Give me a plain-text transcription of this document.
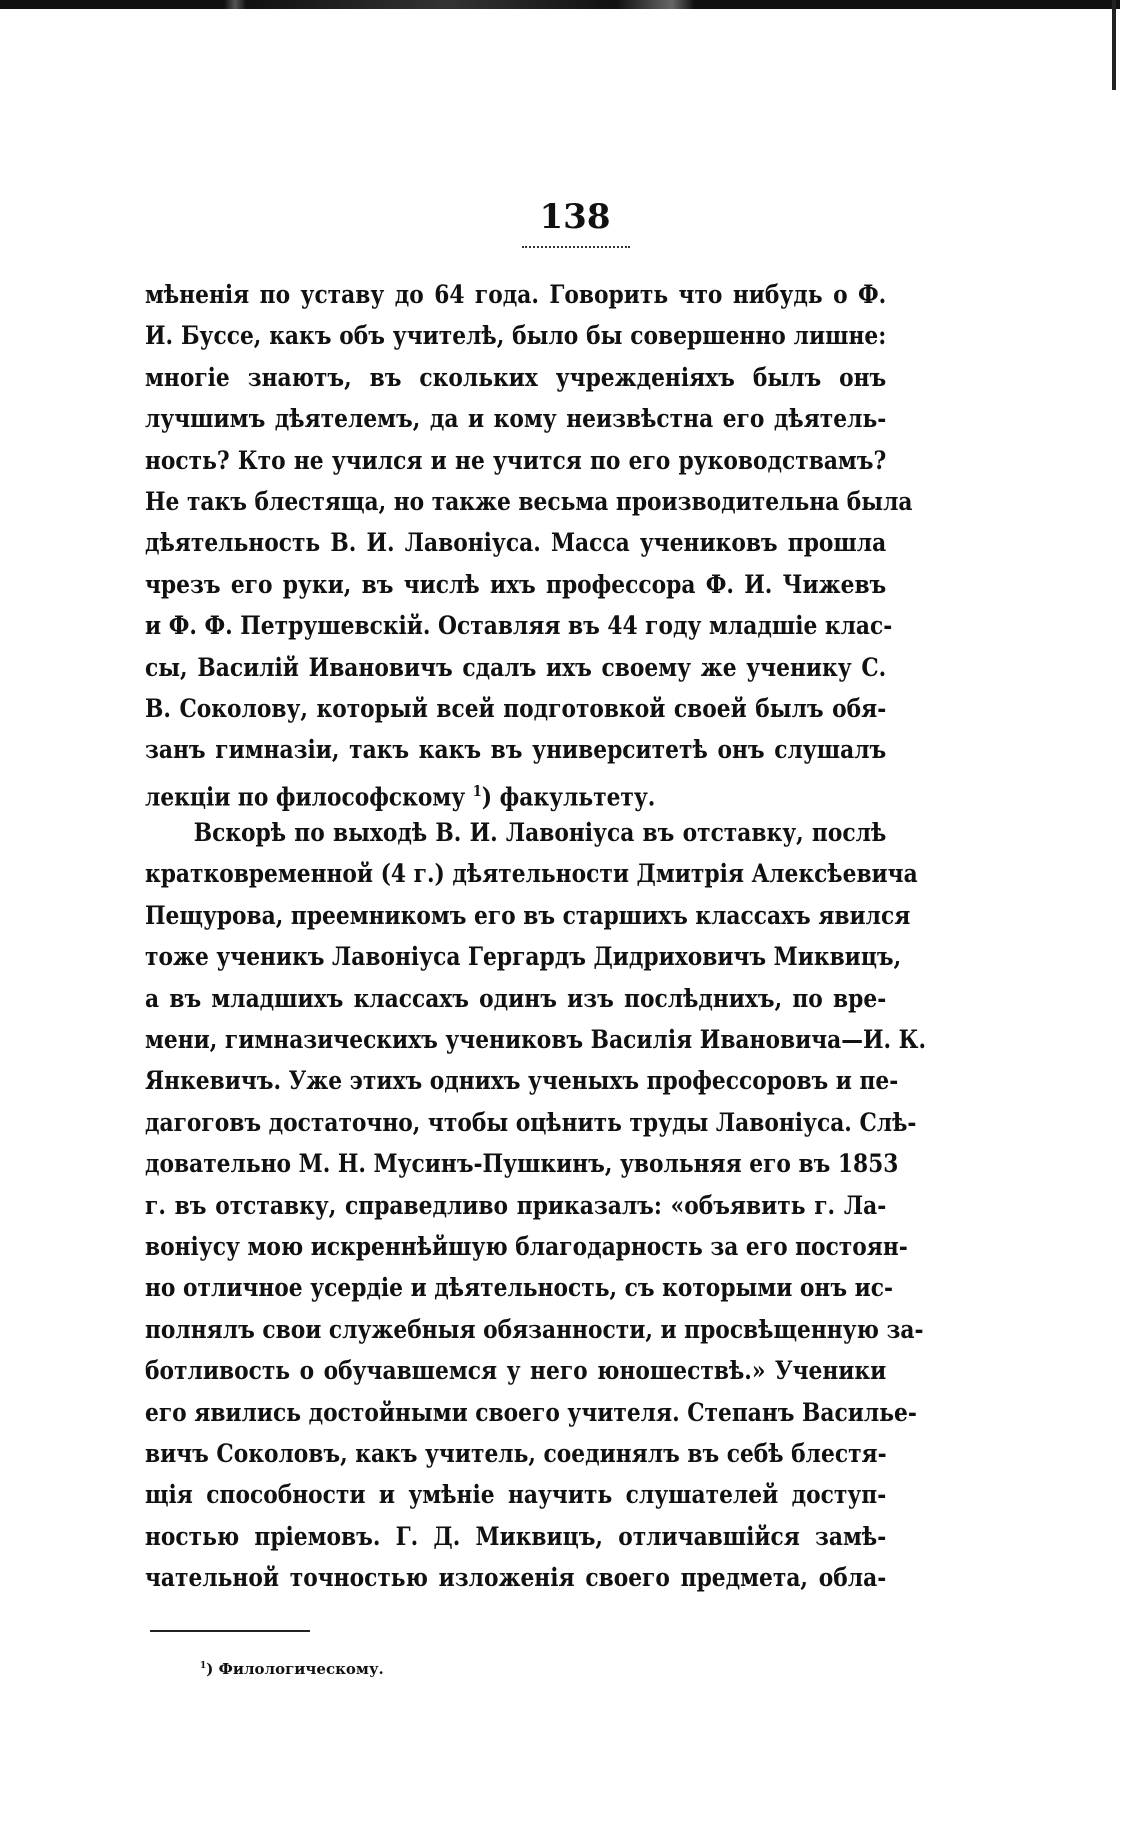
138
мѣненія по уставу до 64 года. Говорить что нибудь о Ф.
И. Буссе, какъ объ учителѣ, было бы совершенно лишне:
многіе знаютъ, въ скольких учрежденіяхъ былъ онъ
лучшимъ дѣятелемъ, да и кому неизвѣстна его дѣятель-
ность? Кто не учился и не учится по его руководствамъ?
Не такъ блестяща, но также весьма производительна была
дѣятельность В. И. Лавоніуса. Масса учениковъ прошла
чрезъ его руки, въ числѣ ихъ профессора Ф. И. Чижевъ
и Ф. Ф. Петрушевскій. Оставляя въ 44 году младшіе клас-
сы, Василій Ивановичъ сдалъ ихъ своему же ученику С.
В. Соколову, который всей подготовкой своей былъ обя-
занъ гимназіи, такъ какъ въ университетѣ онъ слушалъ
лекціи по философскому $^1$) факультету.
Вскорѣ по выходѣ В. И. Лавоніуса въ отставку, послѣ
кратковременной (4 г.) дѣятельности Дмитрія Алексѣевича
Пещурова, преемникомъ его въ старшихъ классахъ явился
тоже ученикъ Лавоніуса Гергардъ Дидриховичъ Миквицъ,
а въ младшихъ классахъ одинъ изъ послѣднихъ, по вре-
мени, гимназическихъ учениковъ Василія Ивановича—И. К.
Янкевичъ. Уже этихъ однихъ ученыхъ профессоровъ и пе-
дагоговъ достаточно, чтобы оцѣнить труды Лавоніуса. Слѣ-
довательно М. Н. Мусинъ-Пушкинъ, увольняя его въ 1853
г. въ отставку, справедливо приказалъ: «объявить г. Ла-
воніусу мою искреннѣйшую благодарность за его постоян-
но отличное усердіе и дѣятельность, съ которыми онъ ис-
полнялъ свои служебныя обязанности, и просвѣщенную за-
ботливость о обучавшемся у него юношествѣ.» Ученики
его явились достойными своего учителя. Степанъ Василье-
вичъ Соколовъ, какъ учитель, соединялъ въ себѣ блестя-
щія способности и умѣніе научить слушателей доступ-
ностью пріемовъ. Г. Д. Миквицъ, отличавшійся замѣ-
чательной точностью изложенія своего предмета, обла-
$^1$) Филологическому.
